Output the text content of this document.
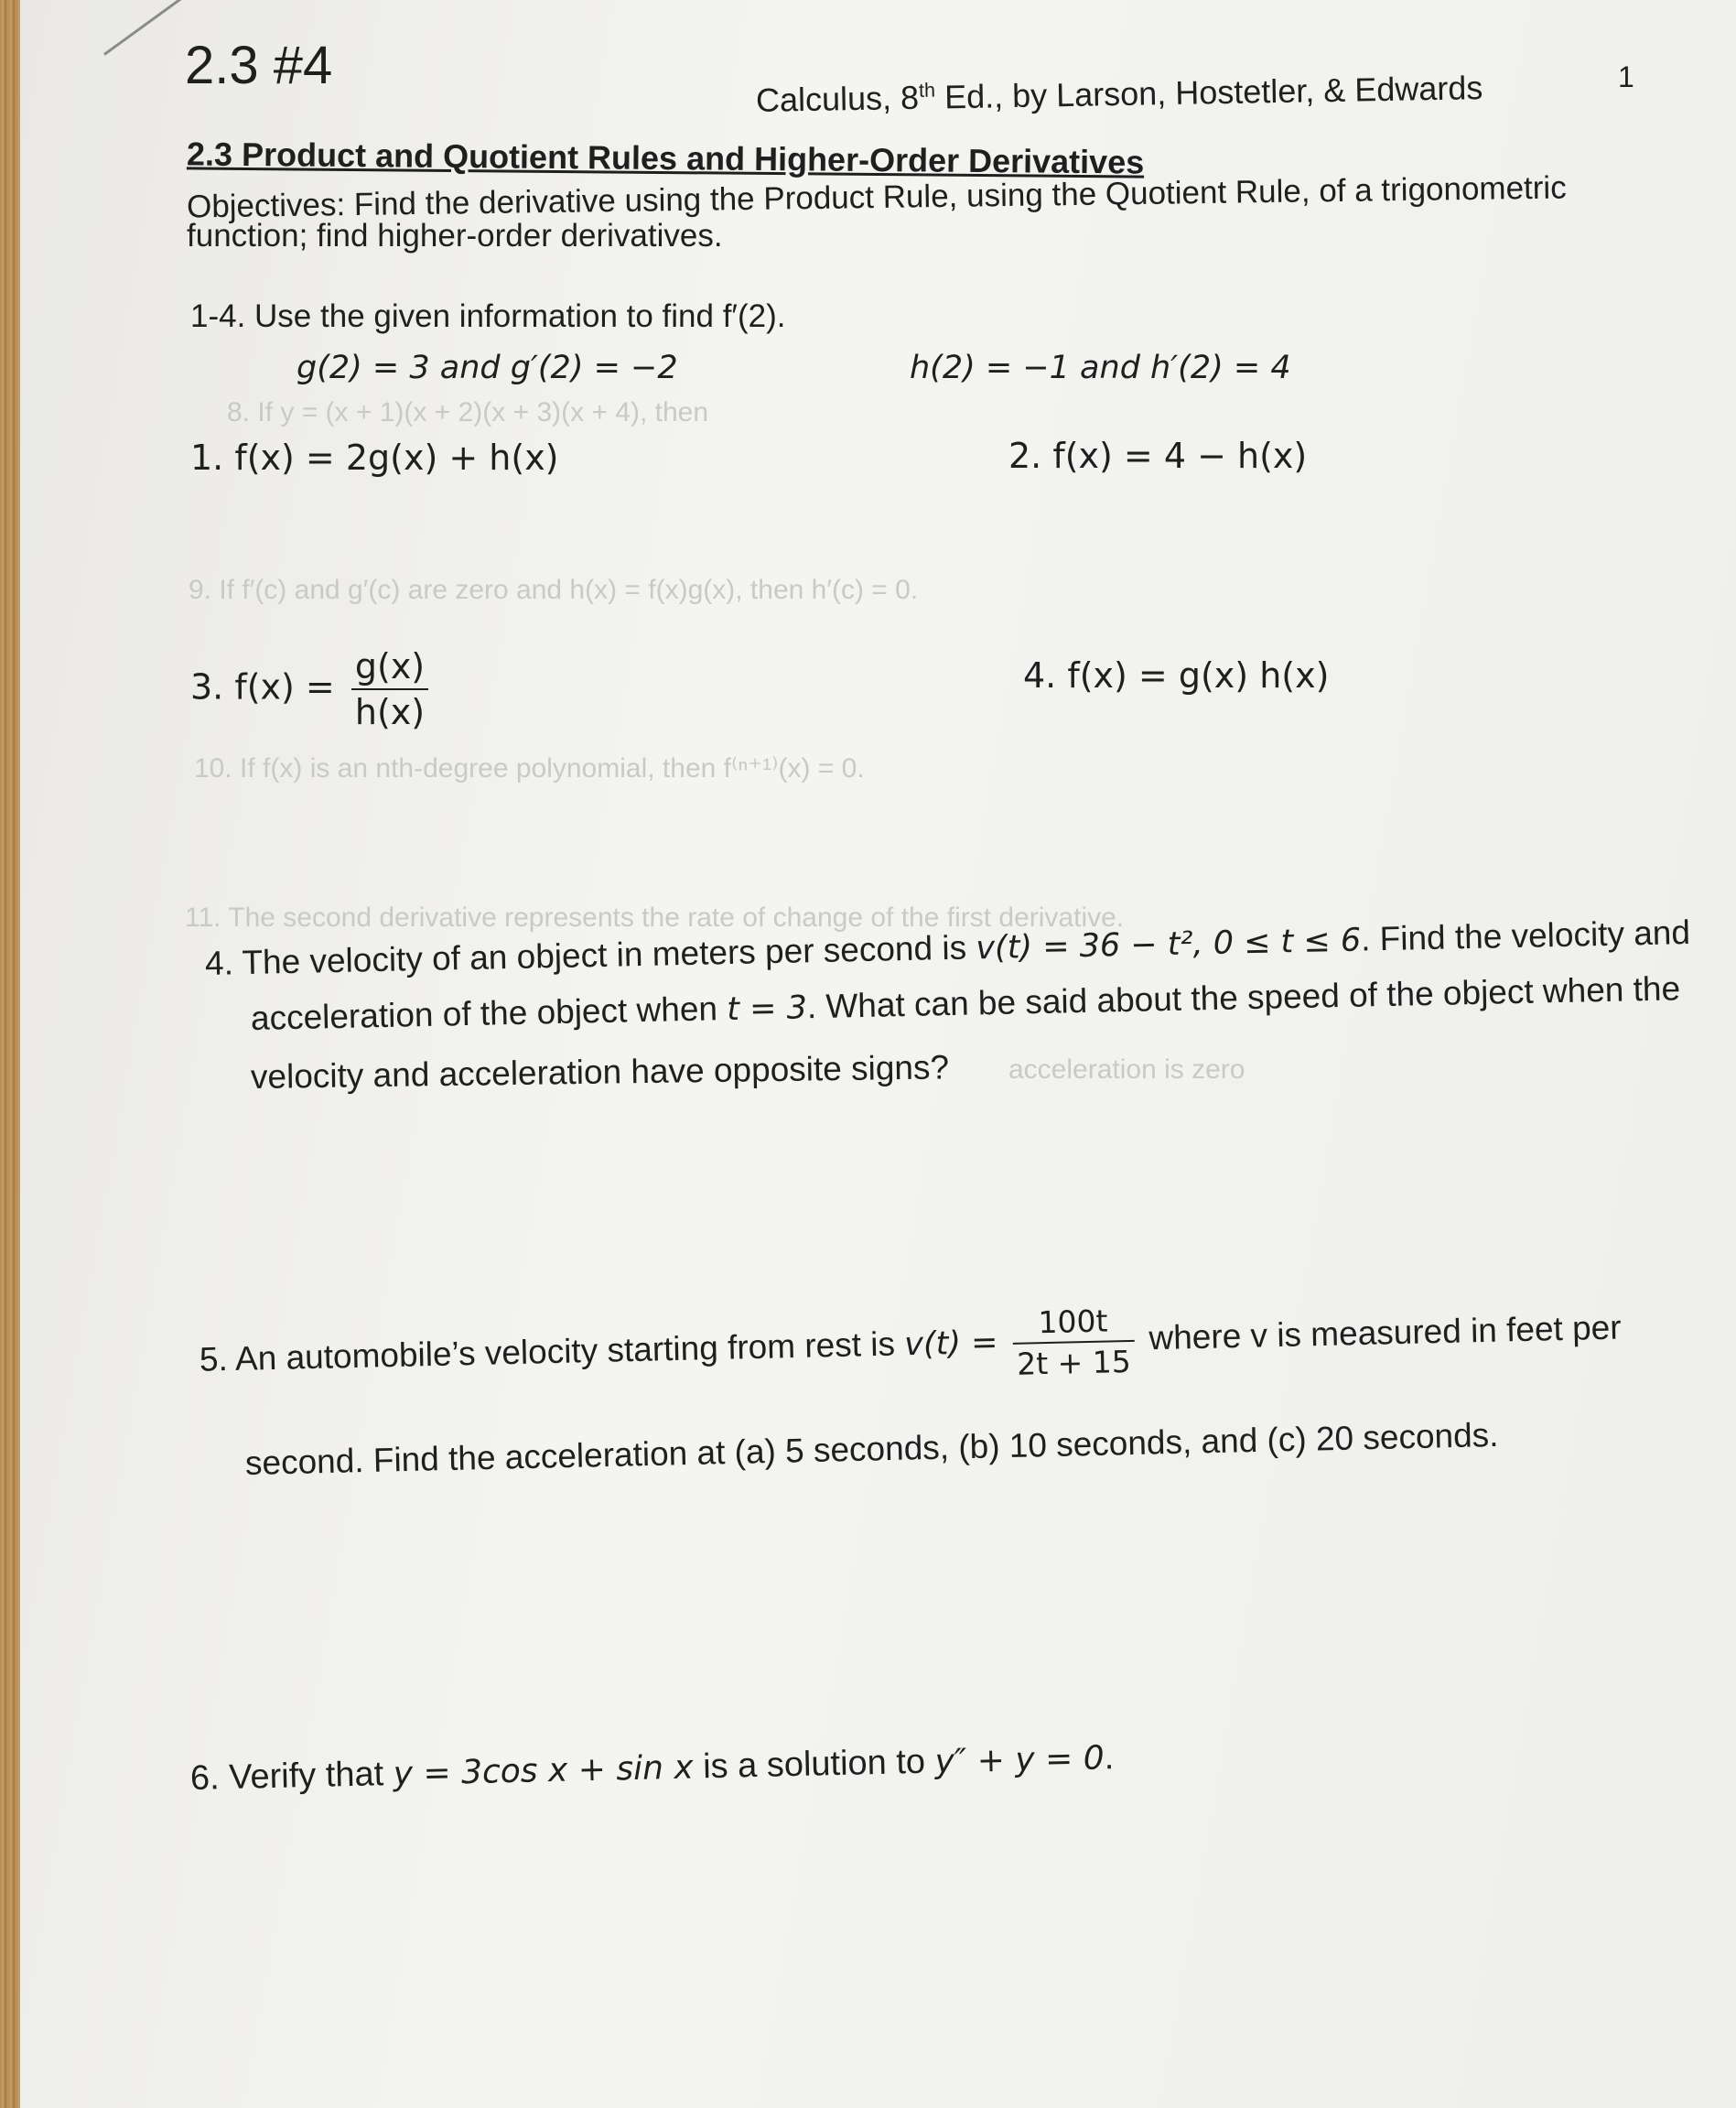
8. If y = (x + 1)(x + 2)(x + 3)(x + 4), then
9. If f′(c) and g′(c) are zero and h(x) = f(x)g(x), then h′(c) = 0.
10. If f(x) is an nth-degree polynomial, then f⁽ⁿ⁺¹⁾(x) = 0.
11. The second derivative represents the rate of change of the first derivative.
acceleration is zero
2.3 #4
Calculus, 8th Ed., by Larson, Hostetler, & Edwards	1
2.3 Product and Quotient Rules and Higher-Order Derivatives
Objectives: Find the derivative using the Product Rule, using the Quotient Rule, of a trigonometric
function; find higher-order derivatives.
1-4. Use the given information to find f′(2).
g(2) = 3 and g′(2) = −2	h(2) = −1 and h′(2) = 4
1. f(x) = 2g(x) + h(x)	2. f(x) = 4 − h(x)
3. $f(x) = \frac{g(x)}{h(x)}$	4. f(x) = g(x) h(x)
4. The velocity of an object in meters per second is v(t) = 36 − t², 0 ≤ t ≤ 6. Find the velocity and
acceleration of the object when t = 3. What can be said about the speed of the object when the
velocity and acceleration have opposite signs?
5. An automobile’s velocity starting from rest is $v(t) = \frac{100t}{2t + 15}$ where v is measured in feet per
second. Find the acceleration at (a) 5 seconds, (b) 10 seconds, and (c) 20 seconds.
6. Verify that y = 3cos x + sin x is a solution to y″ + y = 0.
